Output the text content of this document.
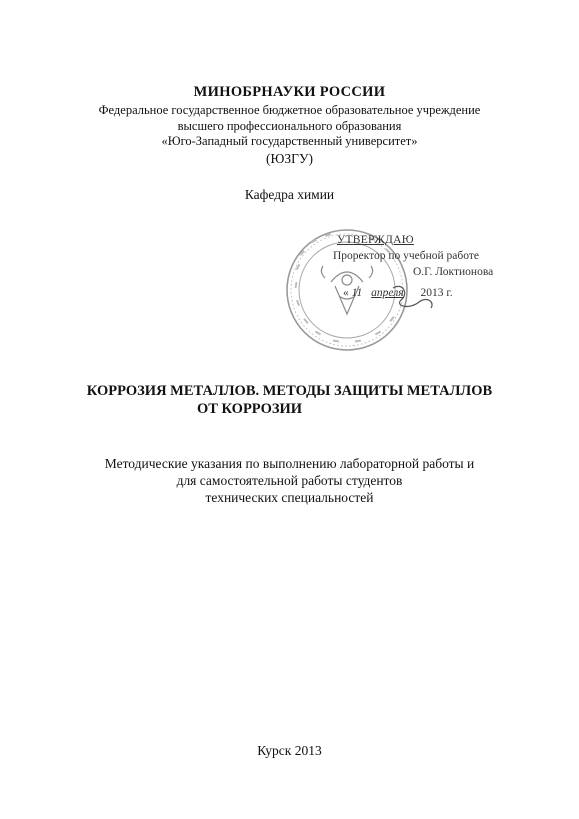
МИНОБРНАУКИ РОССИИ
Федеральное государственное бюджетное образовательное учреждение
высшего профессионального образования
«Юго-Западный государственный университет»
(ЮЗГУ)
Кафедра химии
УТВЕРЖДАЮ
Проректор по учебной работе
О.Г. Локтионова
« 11 апреля 2013 г.
КОРРОЗИЯ МЕТАЛЛОВ. МЕТОДЫ ЗАЩИТЫ МЕТАЛЛОВ
ОТ КОРРОЗИИ
Методические указания по выполнению лабораторной работы и
для самостоятельной работы студентов
технических специальностей
Курск 2013
